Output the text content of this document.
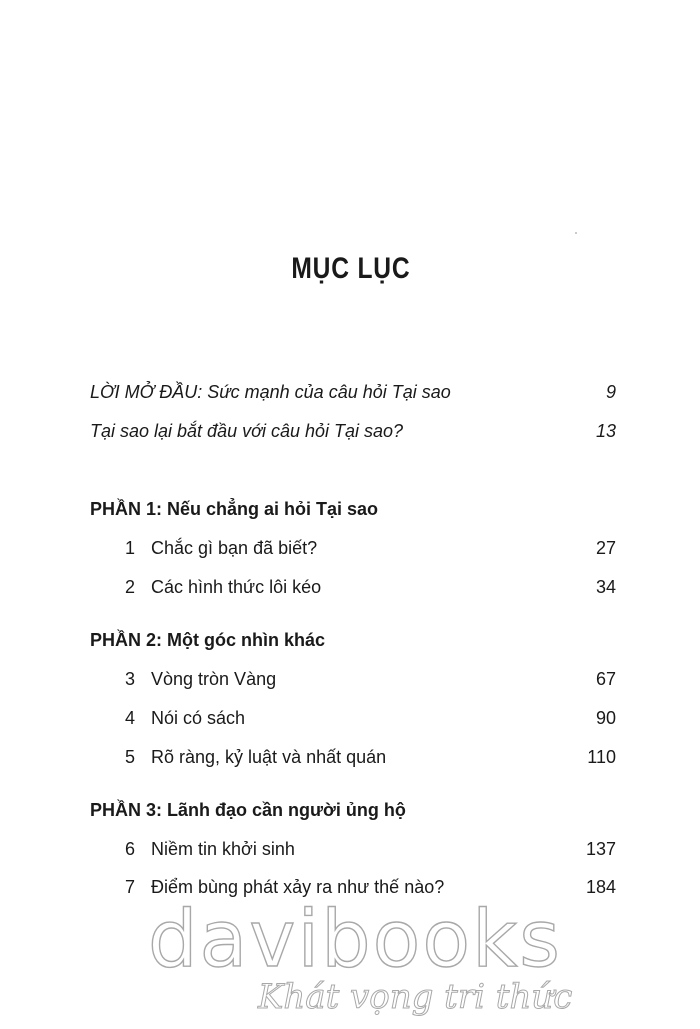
MỤC LỤC
LỜI MỞ ĐẦU: Sức mạnh của câu hỏi Tại sao	9
Tại sao lại bắt đầu với câu hỏi Tại sao?	13
PHẦN 1: Nếu chẳng ai hỏi Tại sao
1 Chắc gì bạn đã biết?	27
2 Các hình thức lôi kéo	34
PHẦN 2: Một góc nhìn khác
3 Vòng tròn Vàng	67
4 Nói có sách	90
5 Rõ ràng, kỷ luật và nhất quán	110
PHẦN 3: Lãnh đạo cần người ủng hộ
6 Niềm tin khởi sinh	137
7 Điểm bùng phát xảy ra như thế nào?	184
davibooks
Khát vọng tri thức
